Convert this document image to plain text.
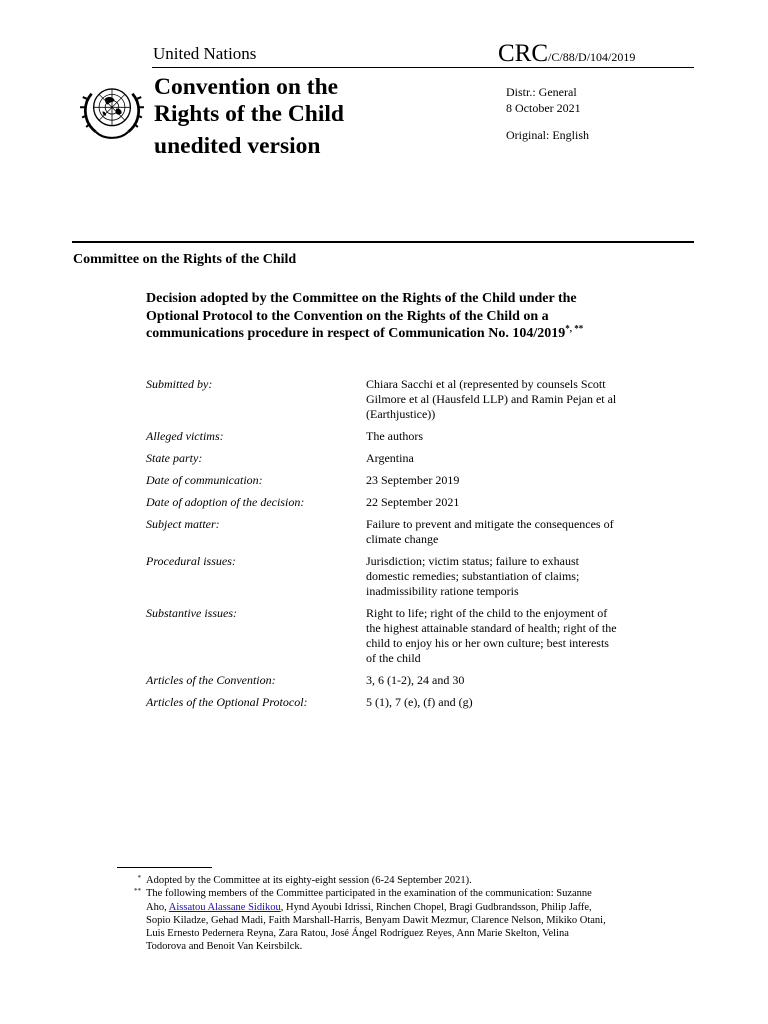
United Nations	CRC/C/88/D/104/2019
Convention on the
Rights of the Child
unedited version
Distr.: General
8 October 2021
Original: English
Committee on the Rights of the Child
Decision adopted by the Committee on the Rights of the Child under the Optional Protocol to the Convention on the Rights of the Child on a communications procedure in respect of Communication No. 104/2019*, **
Submitted by:	Chiara Sacchi et al (represented by counsels Scott Gilmore et al (Hausfeld LLP) and Ramin Pejan et al (Earthjustice))
Alleged victims:	The authors
State party:	Argentina
Date of communication:	23 September 2019
Date of adoption of the decision:	22 September 2021
Subject matter:	Failure to prevent and mitigate the consequences of climate change
Procedural issues:	Jurisdiction; victim status; failure to exhaust domestic remedies; substantiation of claims; inadmissibility ratione temporis
Substantive issues:	Right to life; right of the child to the enjoyment of the highest attainable standard of health; right of the child to enjoy his or her own culture; best interests of the child
Articles of the Convention:	3, 6 (1-2), 24 and 30
Articles of the Optional Protocol:	5 (1), 7 (e), (f) and (g)
* Adopted by the Committee at its eighty-eight session (6-24 September 2021).
** The following members of the Committee participated in the examination of the communication: Suzanne Aho, Aissatou Alassane Sidikou, Hynd Ayoubi Idrissi, Rinchen Chopel, Bragi Gudbrandsson, Philip Jaffe, Sopio Kiladze, Gehad Madi, Faith Marshall-Harris, Benyam Dawit Mezmur, Clarence Nelson, Mikiko Otani, Luis Ernesto Pedernera Reyna, Zara Ratou, José Ángel Rodríguez Reyes, Ann Marie Skelton, Velina Todorova and Benoit Van Keirsbilck.
